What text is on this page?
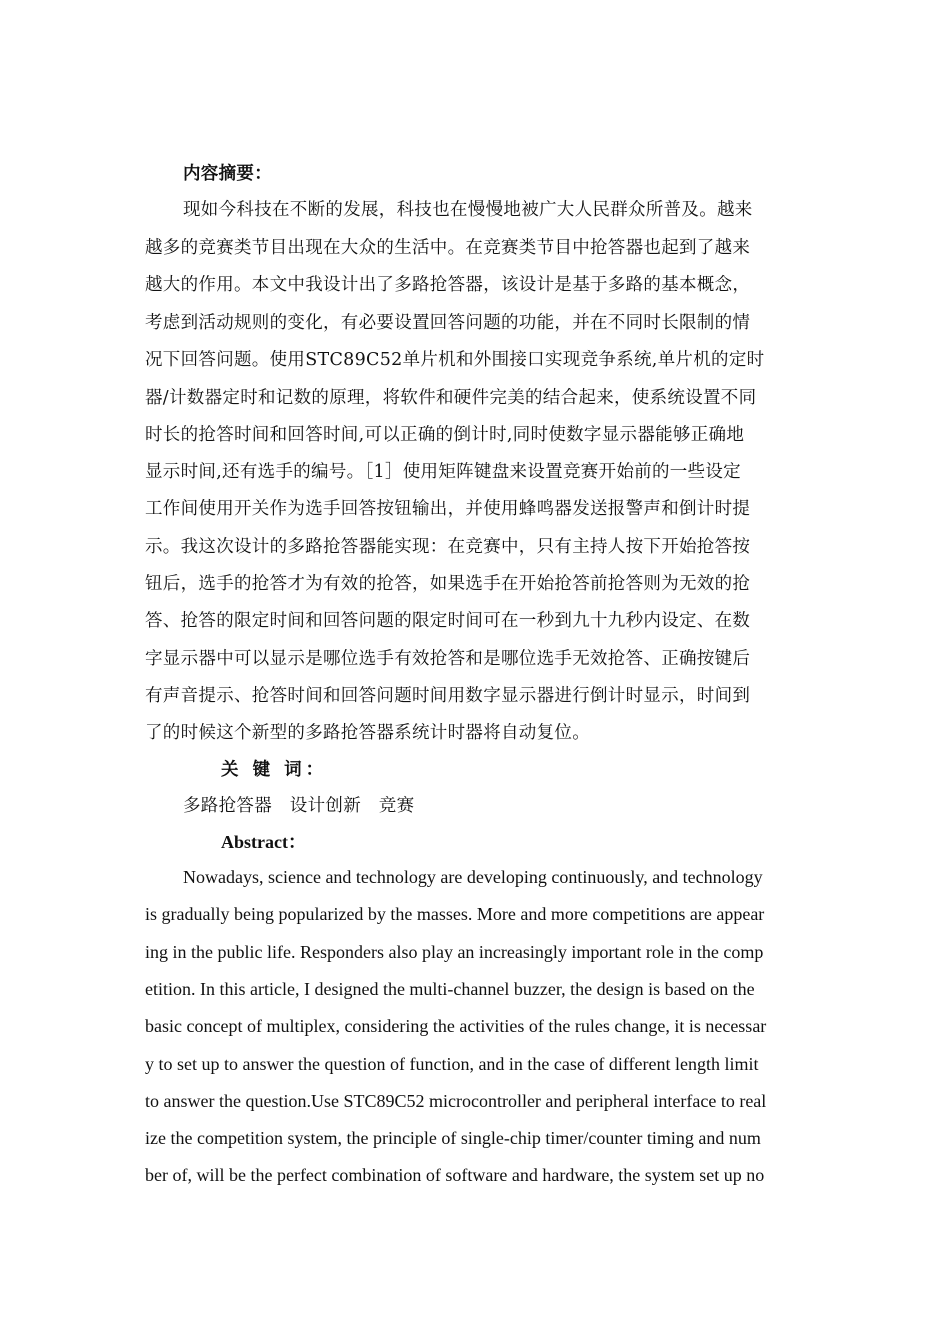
内容摘要：
现如今科技在不断的发展，科技也在慢慢地被广大人民群众所普及。越来
越多的竞赛类节目出现在大众的生活中。在竞赛类节目中抢答器也起到了越来
越大的作用。本文中我设计出了多路抢答器，该设计是基于多路的基本概念，
考虑到活动规则的变化，有必要设置回答问题的功能，并在不同时长限制的情
况下回答问题。使用STC89C52单片机和外围接口实现竞争系统,单片机的定时
器/计数器定时和记数的原理，将软件和硬件完美的结合起来，使系统设置不同
时长的抢答时间和回答时间,可以正确的倒计时,同时使数字显示器能够正确地
显示时间,还有选手的编号。［1］使用矩阵键盘来设置竞赛开始前的一些设定
工作间使用开关作为选手回答按钮输出，并使用蜂鸣器发送报警声和倒计时提
示。我这次设计的多路抢答器能实现：在竞赛中，只有主持人按下开始抢答按
钮后，选手的抢答才为有效的抢答，如果选手在开始抢答前抢答则为无效的抢
答、抢答的限定时间和回答问题的限定时间可在一秒到九十九秒内设定、在数
字显示器中可以显示是哪位选手有效抢答和是哪位选手无效抢答、正确按键后
有声音提示、抢答时间和回答问题时间用数字显示器进行倒计时显示，时间到
了的时候这个新型的多路抢答器系统计时器将自动复位。
关 键 词：
多路抢答器　设计创新　竞赛
Abstract：
Nowadays, science and technology are developing continuously, and technology
is gradually being popularized by the masses. More and more competitions are appear
ing in the public life. Responders also play an increasingly important role in the comp
etition. In this article, I designed the multi-channel buzzer, the design is based on the
basic concept of multiplex, considering the activities of the rules change, it is necessar
y to set up to answer the question of function, and in the case of different length limit
to answer the question.Use STC89C52 microcontroller and peripheral interface to real
ize the competition system, the principle of single-chip timer/counter timing and num
ber of, will be the perfect combination of software and hardware, the system set up no
